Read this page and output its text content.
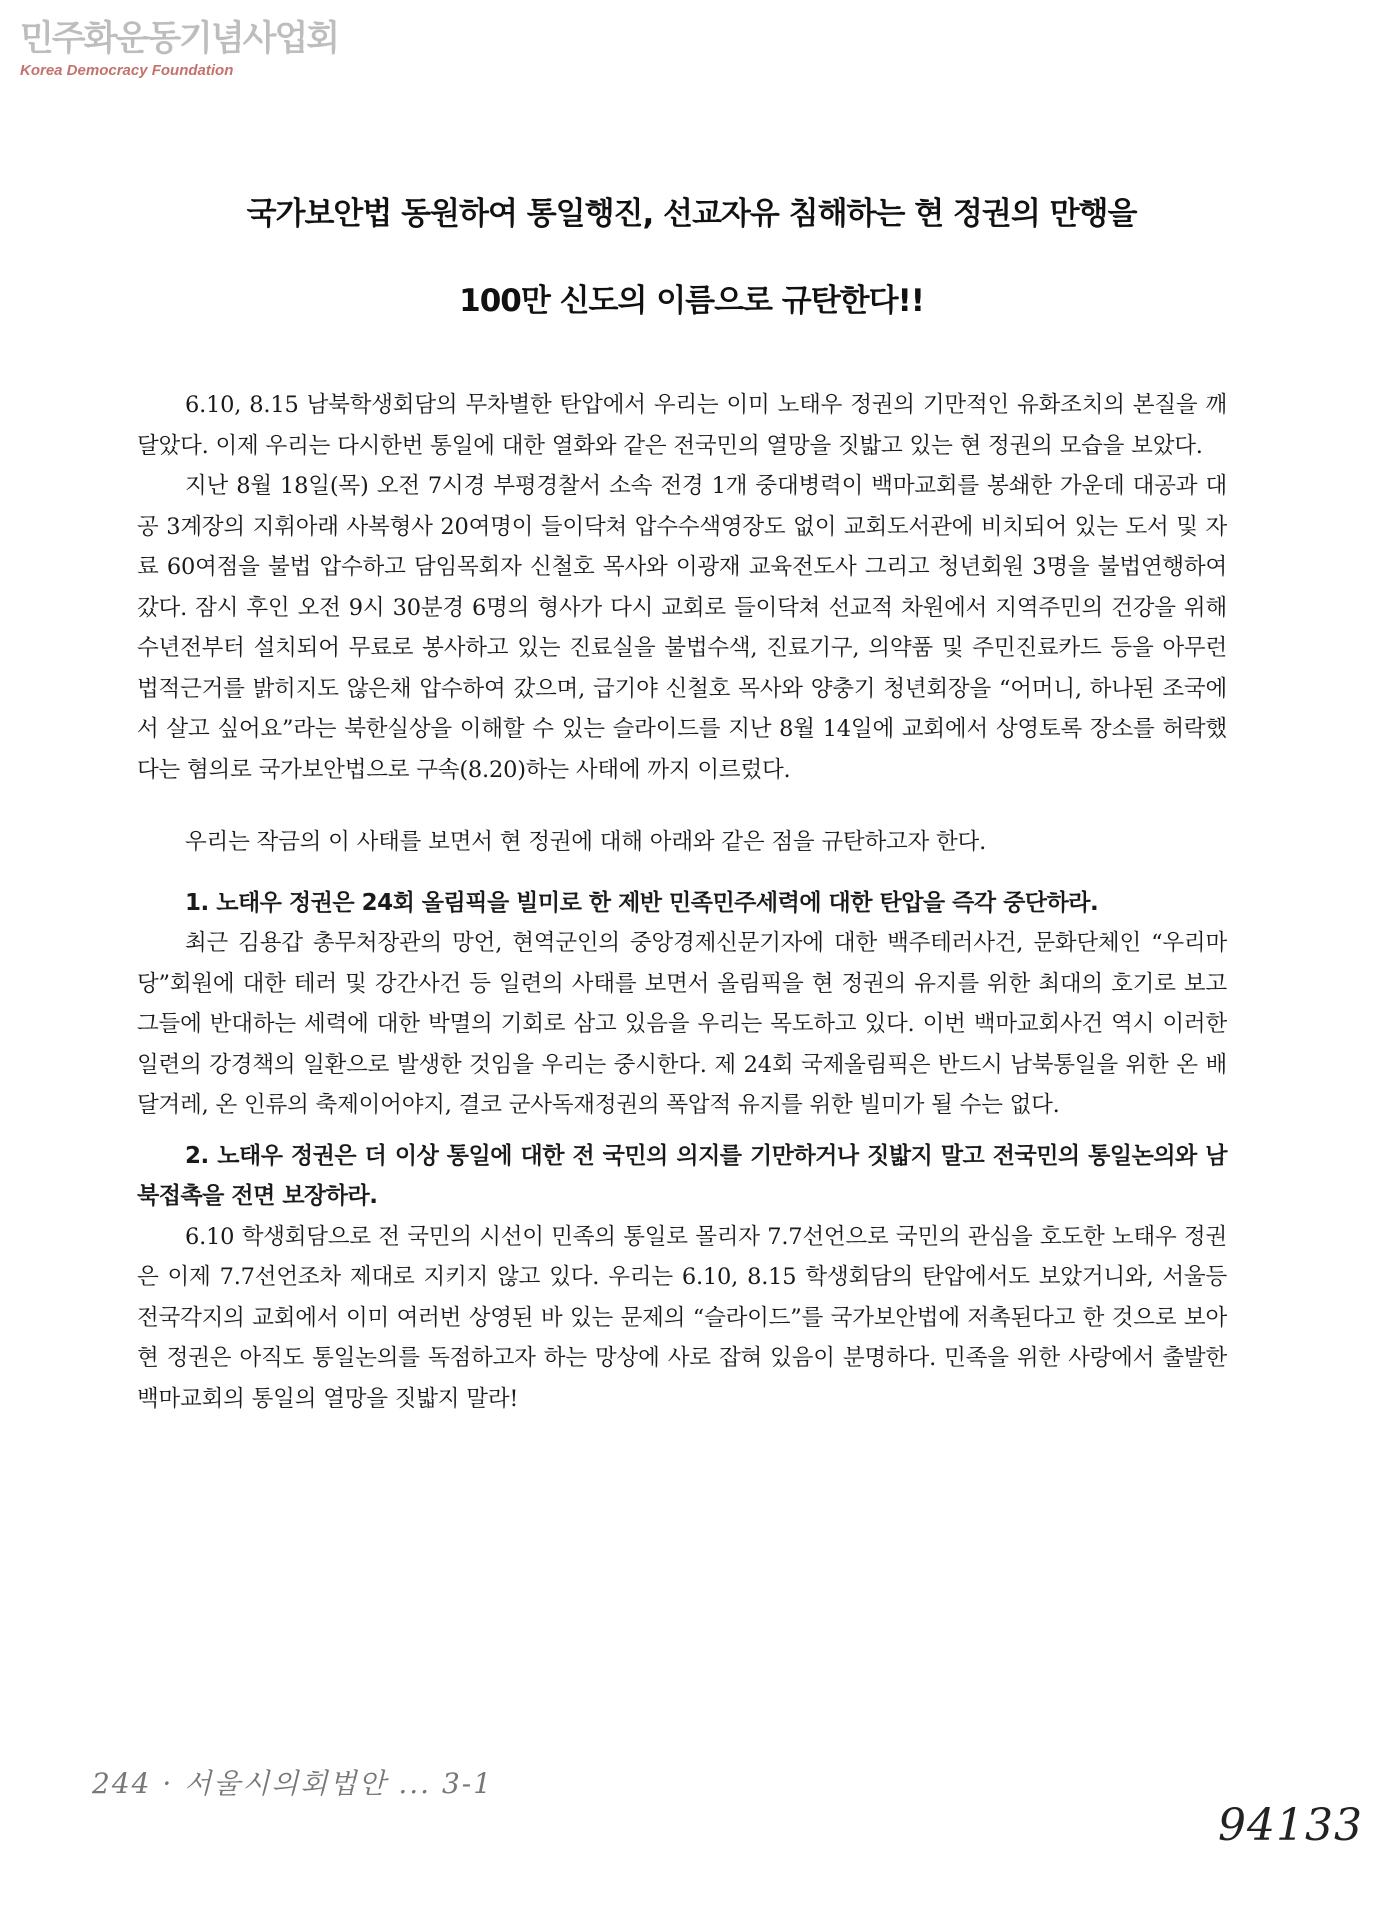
민주화운동기념사업회
Korea Democracy Foundation
국가보안법 동원하여 통일행진, 선교자유 침해하는 현 정권의 만행을
100만 신도의 이름으로 규탄한다!!

6.10, 8.15 남북학생회담의 무차별한 탄압에서 우리는 이미 노태우 정권의 기만적인 유화조치의 본질을 깨달았다. 이제 우리는 다시한번 통일에 대한 열화와 같은 전국민의 열망을 짓밟고 있는 현 정권의 모습을 보았다.

지난 8월 18일(목) 오전 7시경 부평경찰서 소속 전경 1개 중대병력이 백마교회를 봉쇄한 가운데 대공과 대공 3계장의 지휘아래 사복형사 20여명이 들이닥쳐 압수수색영장도 없이 교회도서관에 비치되어 있는 도서 및 자료 60여점을 불법 압수하고 담임목회자 신철호 목사와 이광재 교육전도사 그리고 청년회원 3명을 불법연행하여 갔다. 잠시 후인 오전 9시 30분경 6명의 형사가 다시 교회로 들이닥쳐 선교적 차원에서 지역주민의 건강을 위해 수년전부터 설치되어 무료로 봉사하고 있는 진료실을 불법수색, 진료기구, 의약품 및 주민진료카드 등을 아무런 법적근거를 밝히지도 않은채 압수하여 갔으며, 급기야 신철호 목사와 양충기 청년회장을 “어머니, 하나된 조국에서 살고 싶어요”라는 북한실상을 이해할 수 있는 슬라이드를 지난 8월 14일에 교회에서 상영토록 장소를 허락했다는 혐의로 국가보안법으로 구속(8.20)하는 사태에 까지 이르렀다.

우리는 작금의 이 사태를 보면서 현 정권에 대해 아래와 같은 점을 규탄하고자 한다.

1. 노태우 정권은 24회 올림픽을 빌미로 한 제반 민족민주세력에 대한 탄압을 즉각 중단하라.

최근 김용갑 총무처장관의 망언, 현역군인의 중앙경제신문기자에 대한 백주테러사건, 문화단체인 “우리마당”회원에 대한 테러 및 강간사건 등 일련의 사태를 보면서 올림픽을 현 정권의 유지를 위한 최대의 호기로 보고 그들에 반대하는 세력에 대한 박멸의 기회로 삼고 있음을 우리는 목도하고 있다. 이번 백마교회사건 역시 이러한 일련의 강경책의 일환으로 발생한 것임을 우리는 중시한다. 제 24회 국제올림픽은 반드시 남북통일을 위한 온 배달겨레, 온 인류의 축제이어야지, 결코 군사독재정권의 폭압적 유지를 위한 빌미가 될 수는 없다.

2. 노태우 정권은 더 이상 통일에 대한 전 국민의 의지를 기만하거나 짓밟지 말고 전국민의 통일논의와 남북접촉을 전면 보장하라.

6.10 학생회담으로 전 국민의 시선이 민족의 통일로 몰리자 7.7선언으로 국민의 관심을 호도한 노태우 정권은 이제 7.7선언조차 제대로 지키지 않고 있다. 우리는 6.10, 8.15 학생회담의 탄압에서도 보았거니와, 서울등 전국각지의 교회에서 이미 여러번 상영된 바 있는 문제의 “슬라이드”를 국가보안법에 저촉된다고 한 것으로 보아 현 정권은 아직도 통일논의를 독점하고자 하는 망상에 사로 잡혀 있음이 분명하다. 민족을 위한 사랑에서 출발한 백마교회의 통일의 열망을 짓밟지 말라!

244 · 서울시의회법안 ... 3-1
94133
